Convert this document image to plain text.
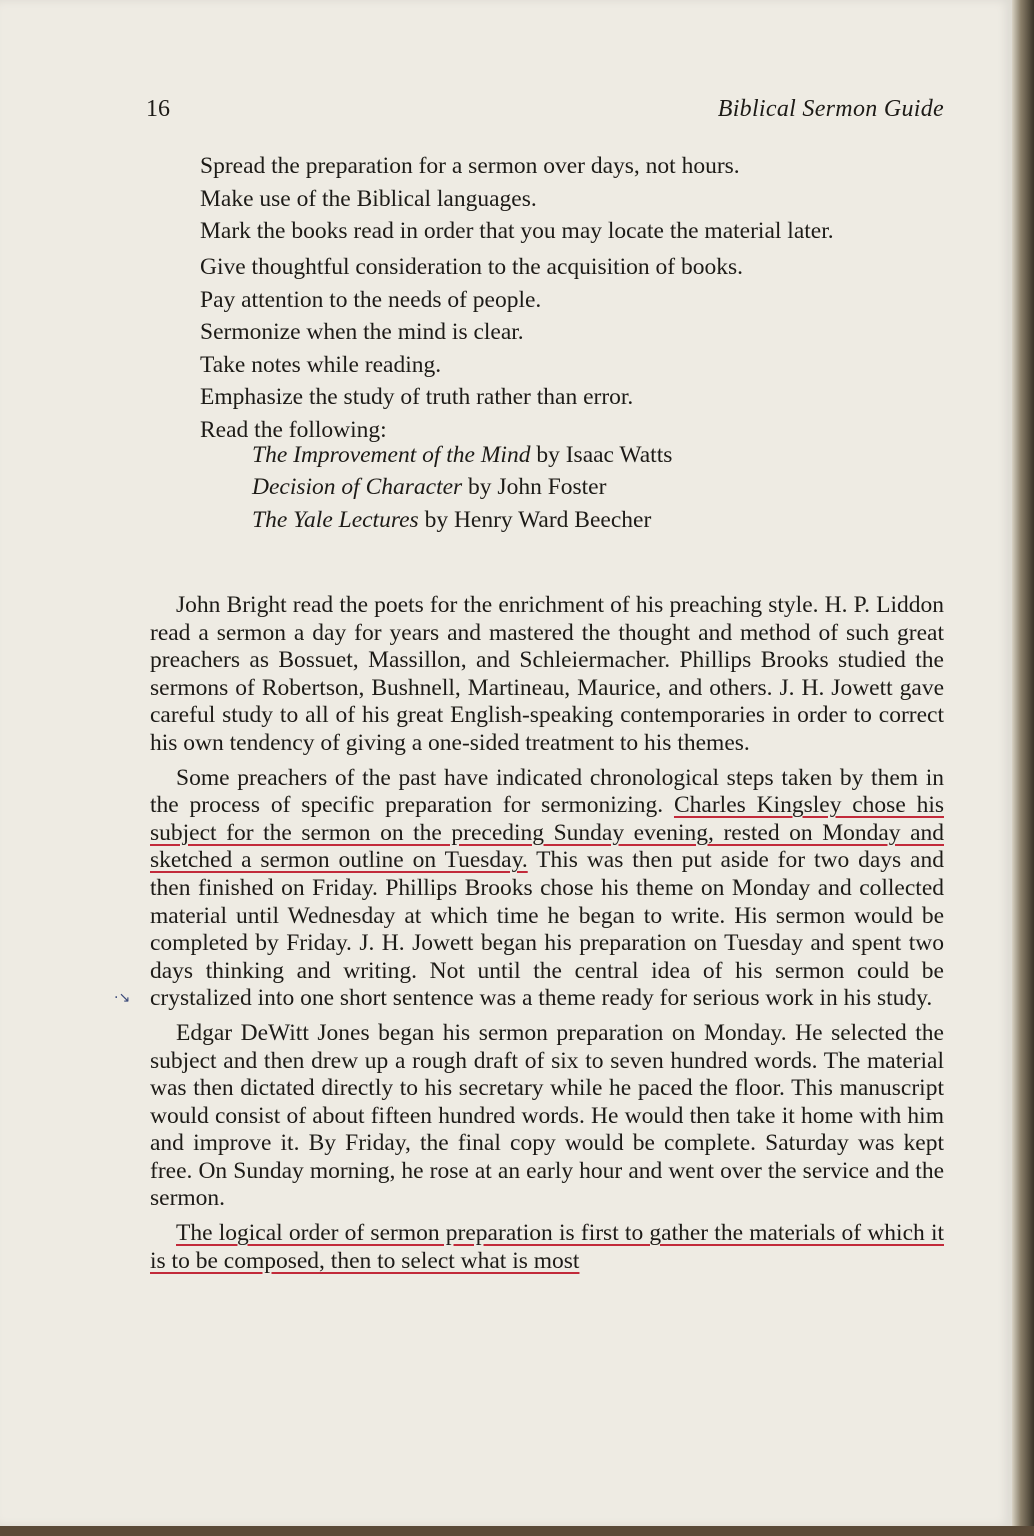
16	Biblical Sermon Guide
Spread the preparation for a sermon over days, not hours.
Make use of the Biblical languages.
Mark the books read in order that you may locate the material later.
Give thoughtful consideration to the acquisition of books.
Pay attention to the needs of people.
Sermonize when the mind is clear.
Take notes while reading.
Emphasize the study of truth rather than error.
Read the following:
The Improvement of the Mind by Isaac Watts
Decision of Character by John Foster
The Yale Lectures by Henry Ward Beecher

John Bright read the poets for the enrichment of his preaching style. H. P. Liddon read a sermon a day for years and mastered the thought and method of such great preachers as Bossuet, Massillon, and Schleiermacher. Phillips Brooks studied the sermons of Robertson, Bushnell, Martineau, Maurice, and others. J. H. Jowett gave careful study to all of his great English-speaking contemporaries in order to correct his own tendency of giving a one-sided treatment to his themes.

Some preachers of the past have indicated chronological steps taken by them in the process of specific preparation for sermonizing. Charles Kingsley chose his subject for the sermon on the preceding Sunday evening, rested on Monday and sketched a sermon outline on Tuesday. This was then put aside for two days and then finished on Friday. Phillips Brooks chose his theme on Monday and collected material until Wednesday at which time he began to write. His sermon would be completed by Friday. J. H. Jowett began his preparation on Tuesday and spent two days thinking and writing. Not until the central idea of his sermon could be crystalized into one short sentence was a theme ready for serious work in his study.

Edgar DeWitt Jones began his sermon preparation on Monday. He selected the subject and then drew up a rough draft of six to seven hundred words. The material was then dictated directly to his secretary while he paced the floor. This manuscript would consist of about fifteen hundred words. He would then take it home with him and improve it. By Friday, the final copy would be complete. Saturday was kept free. On Sunday morning, he rose at an early hour and went over the service and the sermon.

The logical order of sermon preparation is first to gather the materials of which it is to be composed, then to select what is most

·↘
